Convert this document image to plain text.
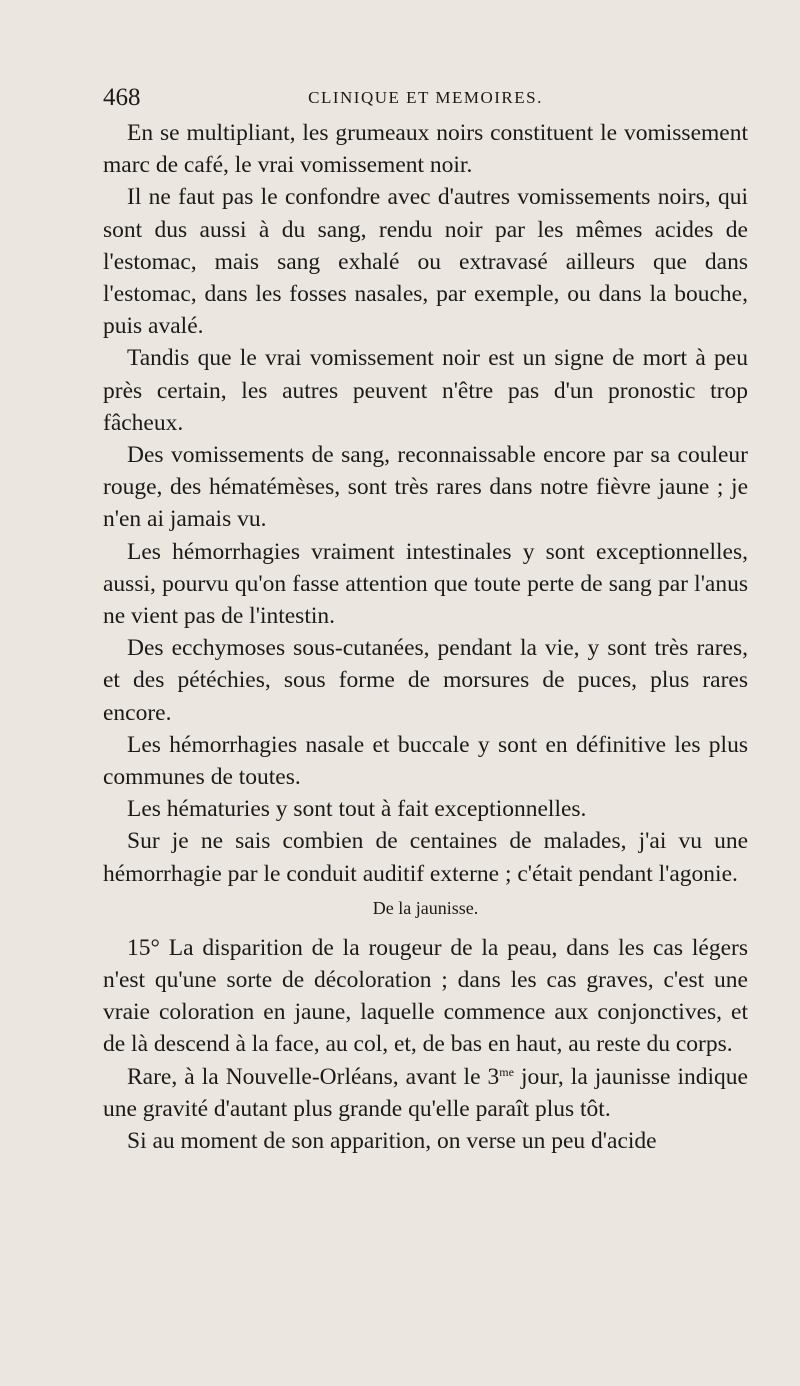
468	CLINIQUE ET MEMOIRES.

En se multipliant, les grumeaux noirs constituent le vomissement marc de café, le vrai vomissement noir.

Il ne faut pas le confondre avec d'autres vomissements noirs, qui sont dus aussi à du sang, rendu noir par les mêmes acides de l'estomac, mais sang exhalé ou extravasé ailleurs que dans l'estomac, dans les fosses nasales, par exemple, ou dans la bouche, puis avalé.

Tandis que le vrai vomissement noir est un signe de mort à peu près certain, les autres peuvent n'être pas d'un pronostic trop fâcheux.

Des vomissements de sang, reconnaissable encore par sa couleur rouge, des hématémèses, sont très rares dans notre fièvre jaune ; je n'en ai jamais vu.

Les hémorrhagies vraiment intestinales y sont exceptionnelles, aussi, pourvu qu'on fasse attention que toute perte de sang par l'anus ne vient pas de l'intestin.

Des ecchymoses sous-cutanées, pendant la vie, y sont très rares, et des pétéchies, sous forme de morsures de puces, plus rares encore.

Les hémorrhagies nasale et buccale y sont en définitive les plus communes de toutes.

Les hématuries y sont tout à fait exceptionnelles.

Sur je ne sais combien de centaines de malades, j'ai vu une hémorrhagie par le conduit auditif externe ; c'était pendant l'agonie.

De la jaunisse.

15° La disparition de la rougeur de la peau, dans les cas légers n'est qu'une sorte de décoloration ; dans les cas graves, c'est une vraie coloration en jaune, laquelle commence aux conjonctives, et de là descend à la face, au col, et, de bas en haut, au reste du corps.

Rare, à la Nouvelle-Orléans, avant le $3^{me}$ jour, la jaunisse indique une gravité d'autant plus grande qu'elle paraît plus tôt.

Si au moment de son apparition, on verse un peu d'acide
